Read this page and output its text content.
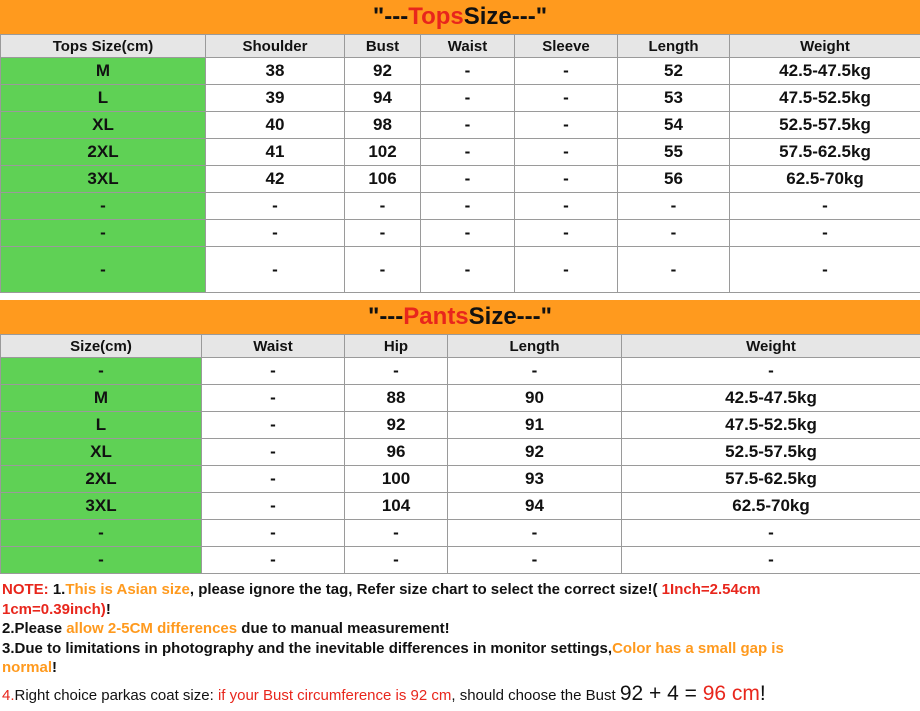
"--- Tops Size---"
Tops Size(cm)	Shoulder	Bust	Waist	Sleeve	Length	Weight
M	38	92	-	-	52	42.5-47.5kg
L	39	94	-	-	53	47.5-52.5kg
XL	40	98	-	-	54	52.5-57.5kg
2XL	41	102	-	-	55	57.5-62.5kg
3XL	42	106	-	-	56	62.5-70kg
-	-	-	-	-	-	-
-	-	-	-	-	-	-
-	-	-	-	-	-	-
"--- Pants Size---"
Size(cm)	Waist	Hip	Length	Weight
-	-	-	-	-
M	-	88	90	42.5-47.5kg
L	-	92	91	47.5-52.5kg
XL	-	96	92	52.5-57.5kg
2XL	-	100	93	57.5-62.5kg
3XL	-	104	94	62.5-70kg
-	-	-	-	-
-	-	-	-	-
NOTE: 1.This is Asian size, please ignore the tag, Refer size chart to select the correct size!( 1Inch=2.54cm
1cm=0.39inch)!
2.Please allow 2-5CM differences due to manual measurement!
3.Due to limitations in photography and the inevitable differences in monitor settings,Color has a small gap is
normal!
4.Right choice parkas coat size: if your Bust circumference is 92 cm, should choose the Bust 92 + 4 = 96 cm!
